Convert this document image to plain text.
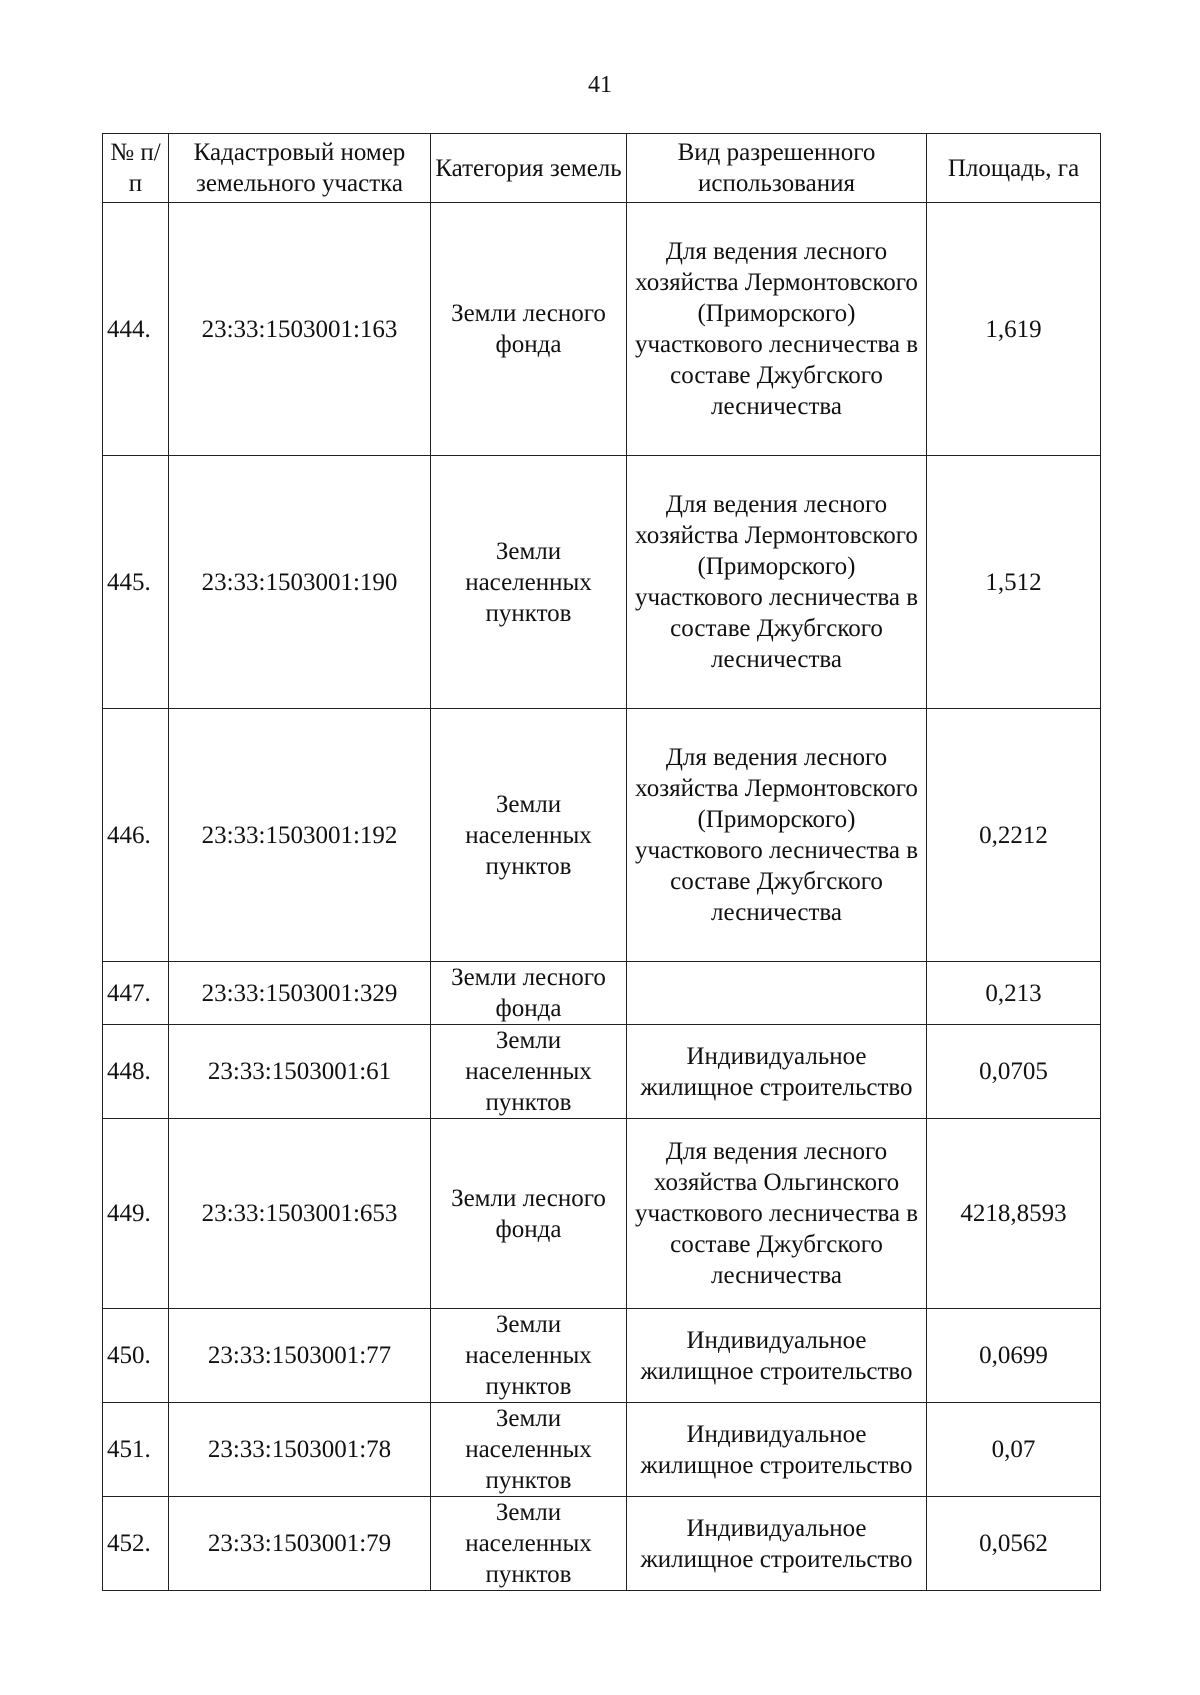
41
№ п/п	Кадастровый номер земельного участка	Категория земель	Вид разрешенного использования	Площадь, га
444.	23:33:1503001:163	Земли лесного фонда	Для ведения лесного хозяйства Лермонтовского (Приморского) участкового лесничества в составе Джубгского лесничества	1,619
445.	23:33:1503001:190	Земли населенных пунктов	Для ведения лесного хозяйства Лермонтовского (Приморского) участкового лесничества в составе Джубгского лесничества	1,512
446.	23:33:1503001:192	Земли населенных пунктов	Для ведения лесного хозяйства Лермонтовского (Приморского) участкового лесничества в составе Джубгского лесничества	0,2212
447.	23:33:1503001:329	Земли лесного фонда		0,213
448.	23:33:1503001:61	Земли населенных пунктов	Индивидуальное жилищное строительство	0,0705
449.	23:33:1503001:653	Земли лесного фонда	Для ведения лесного хозяйства Ольгинского участкового лесничества в составе Джубгского лесничества	4218,8593
450.	23:33:1503001:77	Земли населенных пунктов	Индивидуальное жилищное строительство	0,0699
451.	23:33:1503001:78	Земли населенных пунктов	Индивидуальное жилищное строительство	0,07
452.	23:33:1503001:79	Земли населенных пунктов	Индивидуальное жилищное строительство	0,0562
